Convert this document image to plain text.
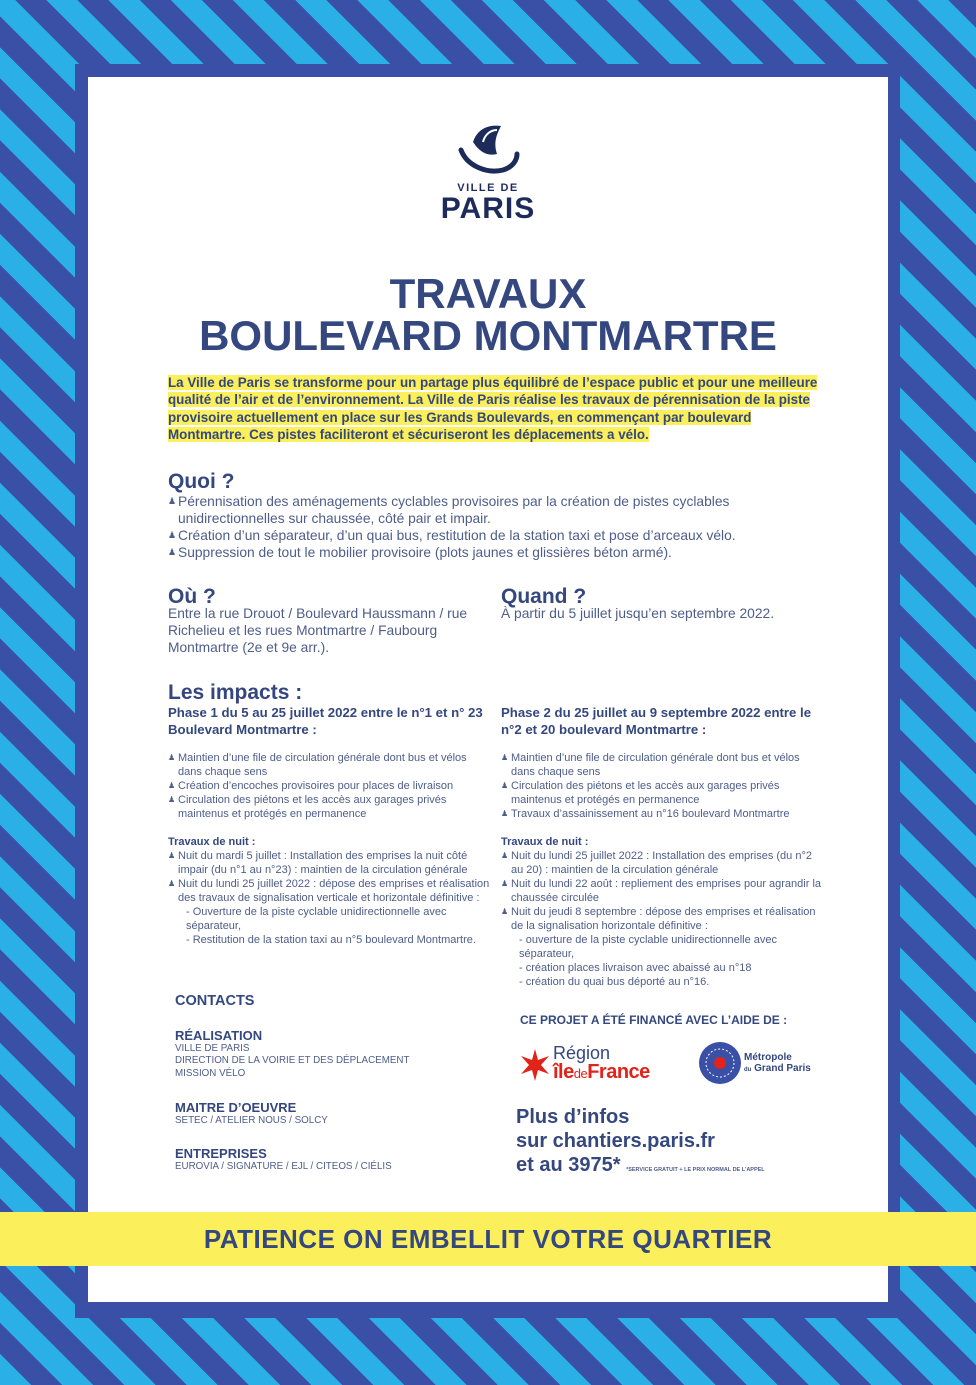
VILLE DE
PARIS
TRAVAUX
BOULEVARD MONTMARTRE
La Ville de Paris se transforme pour un partage plus équilibré de l’espace public et pour une meilleure qualité de l’air et de l’environnement. La Ville de Paris réalise les travaux de pérennisation de la piste provisoire actuellement en place sur les Grands Boulevards, en commençant par boulevard Montmartre. Ces pistes faciliteront et sécuriseront les déplacements a vélo.
Quoi ?
♟ Pérennisation des aménagements cyclables provisoires par la création de pistes cyclables unidirectionnelles sur chaussée, côté pair et impair.
♟ Création d’un séparateur, d’un quai bus, restitution de la station taxi et pose d’arceaux vélo.
♟ Suppression de tout le mobilier provisoire (plots jaunes et glissières béton armé).
Où ?
Entre la rue Drouot / Boulevard Haussmann / rue Richelieu et les rues Montmartre / Faubourg Montmartre (2e et 9e arr.).
Quand ?
À partir du 5 juillet jusqu’en septembre 2022.
Les impacts :
Phase 1 du 5 au 25 juillet 2022 entre le n°1 et n° 23 Boulevard Montmartre :
♟ Maintien d’une file de circulation générale dont bus et vélos dans chaque sens
♟ Création d’encoches provisoires pour places de livraison
♟ Circulation des piétons et les accès aux garages privés maintenus et protégés en permanence
Travaux de nuit :
♟ Nuit du mardi 5 juillet : Installation des emprises la nuit côté impair (du n°1 au n°23) : maintien de la circulation générale
♟ Nuit du lundi 25 juillet 2022 : dépose des emprises et réalisation des travaux de signalisation verticale et horizontale définitive :
- Ouverture de la piste cyclable unidirectionnelle avec séparateur,
- Restitution de la station taxi au n°5 boulevard Montmartre.
Phase 2 du 25 juillet au 9 septembre 2022 entre le n°2 et 20 boulevard Montmartre :
♟ Maintien d’une file de circulation générale dont bus et vélos dans chaque sens
♟ Circulation des piétons et les accès aux garages privés maintenus et protégés en permanence
♟ Travaux d’assainissement au n°16 boulevard Montmartre
Travaux de nuit :
♟ Nuit du lundi 25 juillet 2022 : Installation des emprises (du n°2 au 20) : maintien de la circulation générale
♟ Nuit du lundi 22 août : repliement des emprises pour agrandir la chaussée circulée
♟ Nuit du jeudi 8 septembre : dépose des emprises et réalisation de la signalisation horizontale définitive :
- ouverture de la piste cyclable unidirectionnelle avec séparateur,
- création places livraison avec abaissé au n°18
- création du quai bus déporté au n°16.
CONTACTS
RÉALISATION
VILLE DE PARIS
DIRECTION DE LA VOIRIE ET DES DÉPLACEMENT
MISSION VÉLO
MAITRE D’OEUVRE
SETEC / ATELIER NOUS / SOLCY
ENTREPRISES
EUROVIA / SIGNATURE / EJL / CITEOS / CIÉLIS
CE PROJET A ÉTÉ FINANCÉ AVEC L’AIDE DE :
Région
îledeFrance
Métropole
du Grand Paris
Plus d’infos
sur chantiers.paris.fr
et au 3975* *SERVICE GRATUIT + LE PRIX NORMAL DE L’APPEL
PATIENCE ON EMBELLIT VOTRE QUARTIER
